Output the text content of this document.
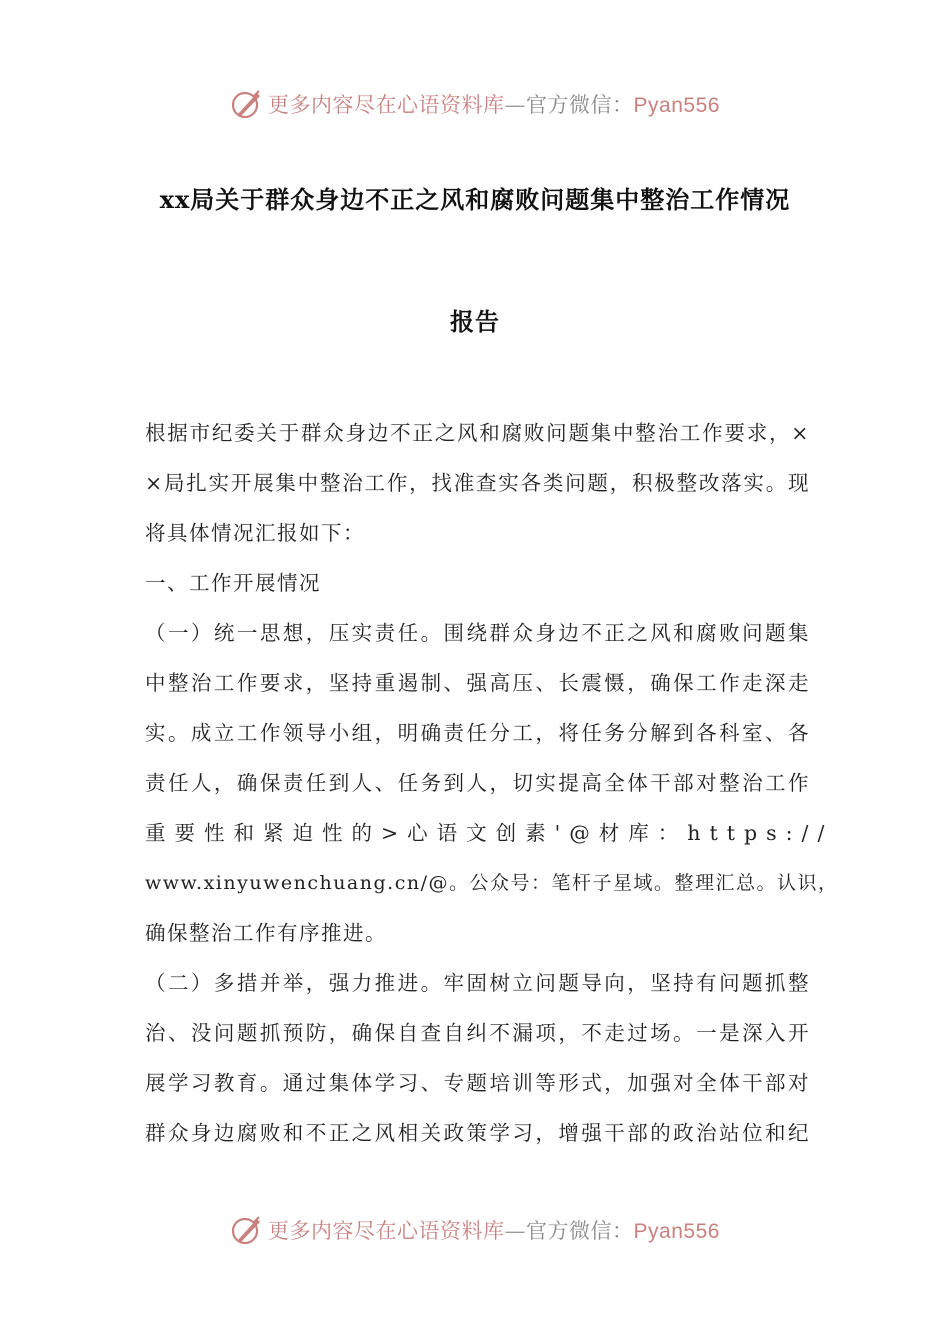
更多内容尽在心语资料库—官方微信：Pyan556
xx局关于群众身边不正之风和腐败问题集中整治工作情况
报告
根据市纪委关于群众身边不正之风和腐败问题集中整治工作要求，×
×局扎实开展集中整治工作，找准查实各类问题，积极整改落实。现
将具体情况汇报如下：
一、工作开展情况
（一）统一思想，压实责任。围绕群众身边不正之风和腐败问题集
中整治工作要求，坚持重遏制、强高压、长震慑，确保工作走深走
实。成立工作领导小组，明确责任分工，将任务分解到各科室、各
责任人，确保责任到人、任务到人，切实提高全体干部对整治工作
重要性和紧迫性的>心语文创素'@材库：https://
www.xinyuwenchuang.cn/@。公众号：笔杆子星域。整理汇总。认识，
确保整治工作有序推进。
（二）多措并举，强力推进。牢固树立问题导向，坚持有问题抓整
治、没问题抓预防，确保自查自纠不漏项，不走过场。一是深入开
展学习教育。通过集体学习、专题培训等形式，加强对全体干部对
群众身边腐败和不正之风相关政策学习，增强干部的政治站位和纪
更多内容尽在心语资料库—官方微信：Pyan556
